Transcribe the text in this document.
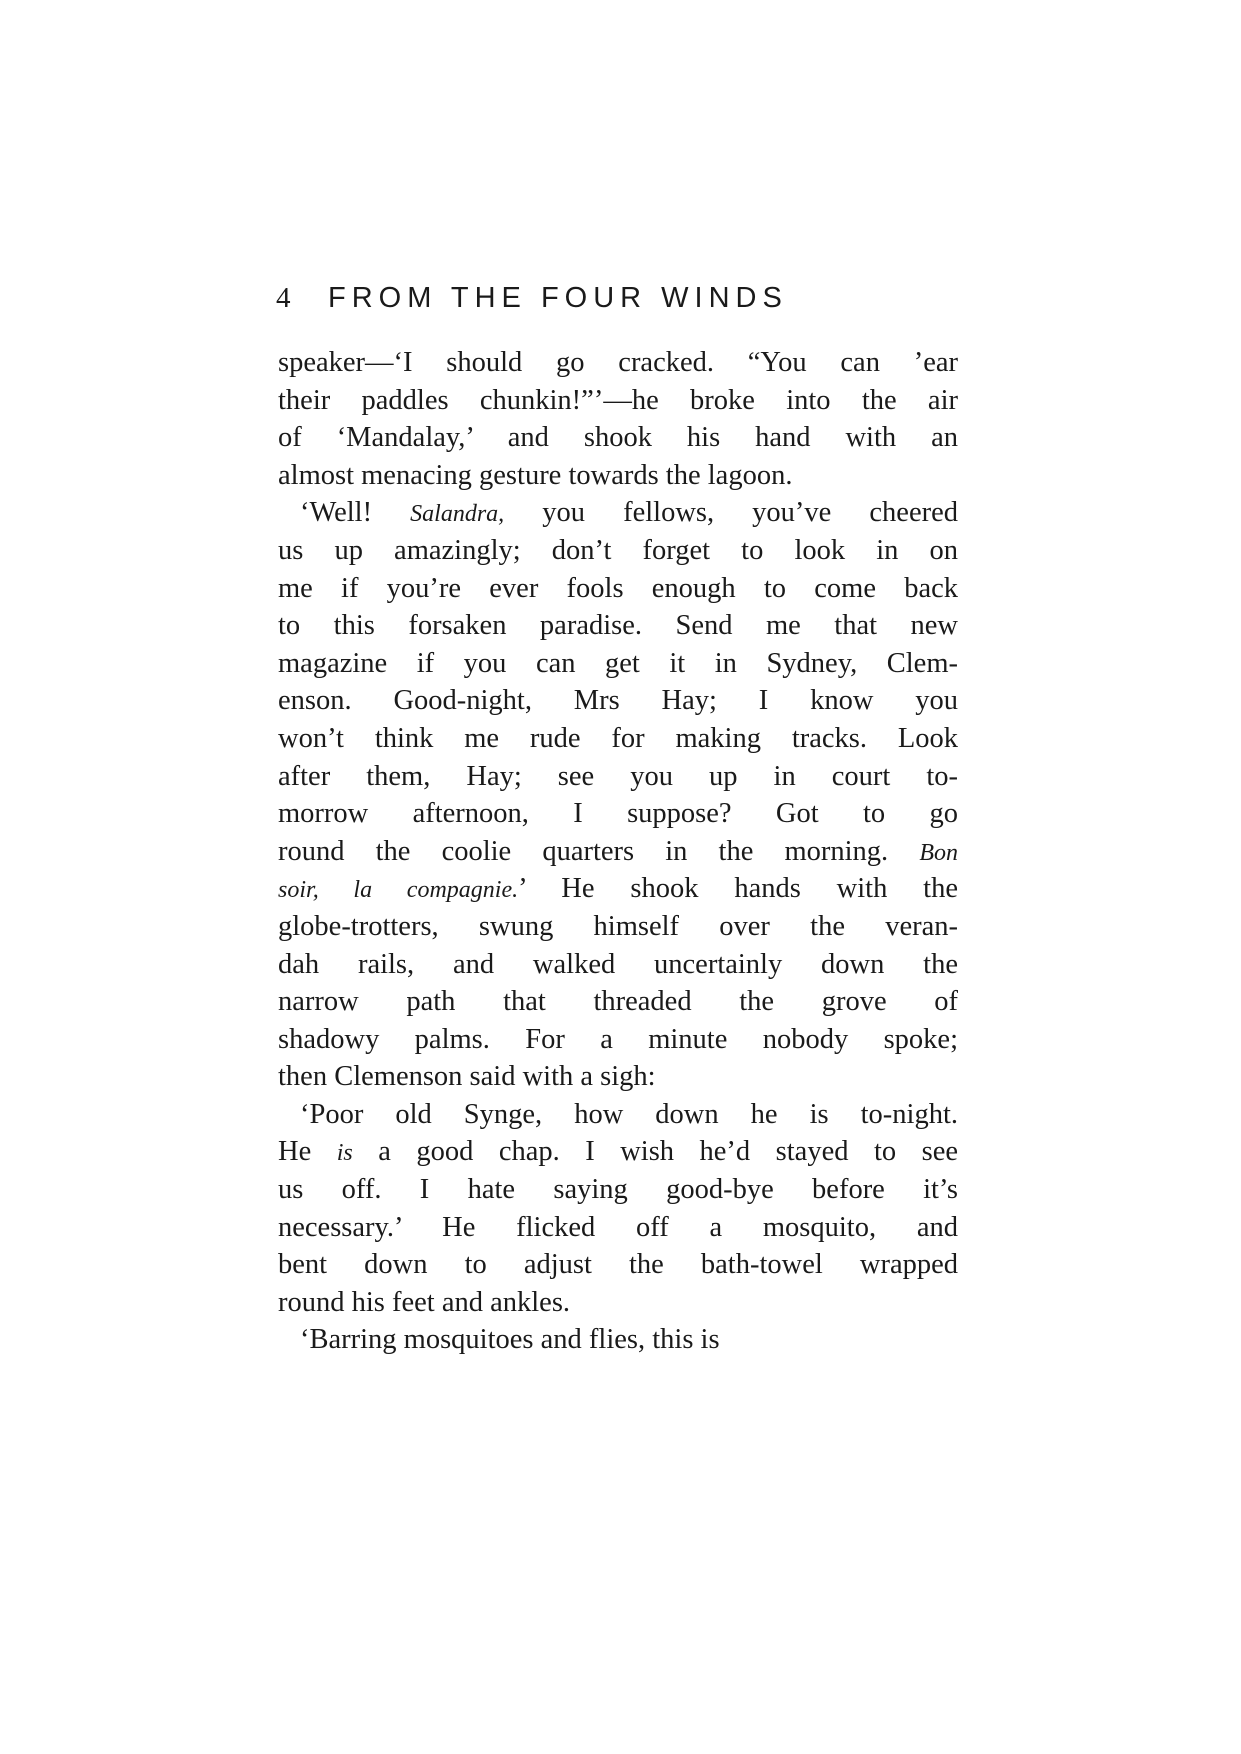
4 FROM THE FOUR WINDS
speaker—‘I should go cracked. “You can ’ear
their paddles chunkin!”’—he broke into the air
of ‘Mandalay,’ and shook his hand with an
almost menacing gesture towards the lagoon.
‘Well! Salandra, you fellows, you’ve cheered
us up amazingly; don’t forget to look in on
me if you’re ever fools enough to come back
to this forsaken paradise. Send me that new
magazine if you can get it in Sydney, Clem-
enson. Good-night, Mrs Hay; I know you
won’t think me rude for making tracks. Look
after them, Hay; see you up in court to-
morrow afternoon, I suppose? Got to go
round the coolie quarters in the morning. Bon
soir, la compagnie.’ He shook hands with the
globe-trotters, swung himself over the veran-
dah rails, and walked uncertainly down the
narrow path that threaded the grove of
shadowy palms. For a minute nobody spoke;
then Clemenson said with a sigh:
‘Poor old Synge, how down he is to-night.
He is a good chap. I wish he’d stayed to see
us off. I hate saying good-bye before it’s
necessary.’ He flicked off a mosquito, and
bent down to adjust the bath-towel wrapped
round his feet and ankles.
‘Barring mosquitoes and flies, this is
